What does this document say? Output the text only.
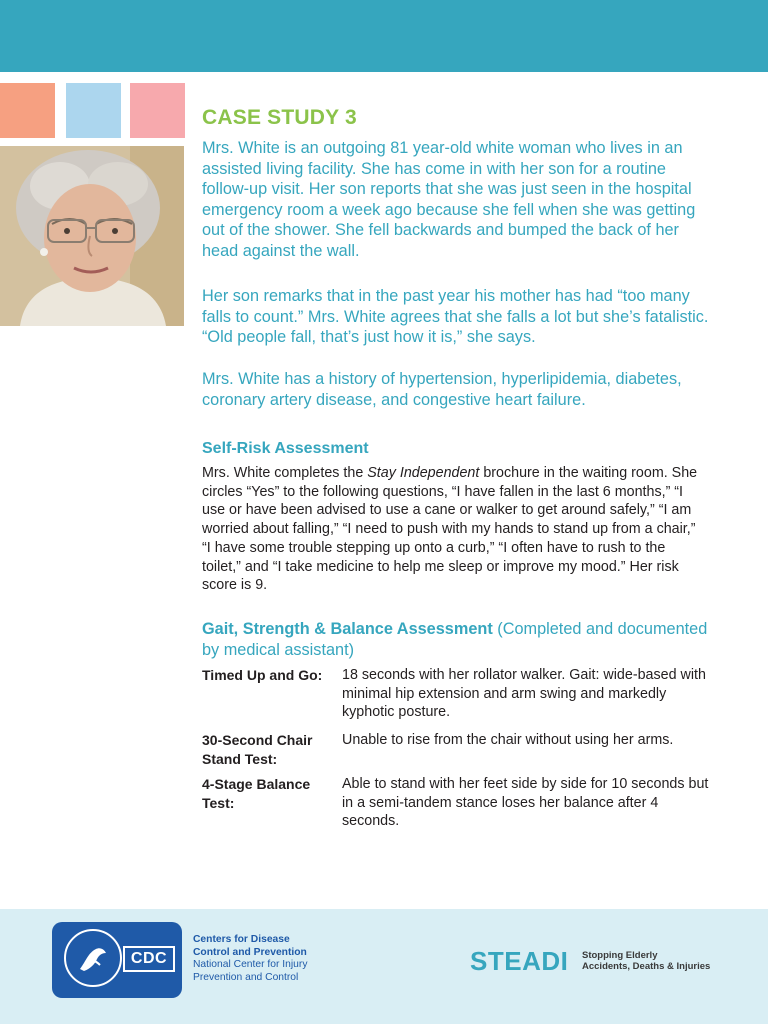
CASE STUDY 3

Mrs. White is an outgoing 81 year-old white woman who lives in an assisted living facility. She has come in with her son for a routine follow-up visit. Her son reports that she was just seen in the hospital emergency room a week ago because she fell when she was getting out of the shower. She fell backwards and bumped the back of her head against the wall.

Her son remarks that in the past year his mother has had “too many falls to count.” Mrs. White agrees that she falls a lot but she’s fatalistic. “Old people fall, that’s just how it is,” she says.

Mrs. White has a history of hypertension, hyperlipidemia, diabetes, coronary artery disease, and congestive heart failure.

Self-Risk Assessment

Mrs. White completes the Stay Independent brochure in the waiting room. She circles “Yes” to the following questions, “I have fallen in the last 6 months,” “I use or have been advised to use a cane or walker to get around safely,” “I am worried about falling,” “I need to push with my hands to stand up from a chair,” “I have some trouble stepping up onto a curb,” “I often have to rush to the toilet,” and “I take medicine to help me sleep or improve my mood.” Her risk score is 9.

Gait, Strength & Balance Assessment (Completed and documented by medical assistant)

Timed Up and Go:	18 seconds with her rollator walker. Gait: wide-based with minimal hip extension and arm swing and markedly kyphotic posture.

30-Second Chair Stand Test:

Unable to rise from the chair without using her arms.

4-Stage Balance Test:

Able to stand with her feet side by side for 10 seconds but in a semi-tandem stance loses her balance after 4 seconds.

CDC
Centers for Disease
Control and Prevention
National Center for Injury
Prevention and Control
STEADI Stopping Elderly
Accidents, Deaths & Injuries
